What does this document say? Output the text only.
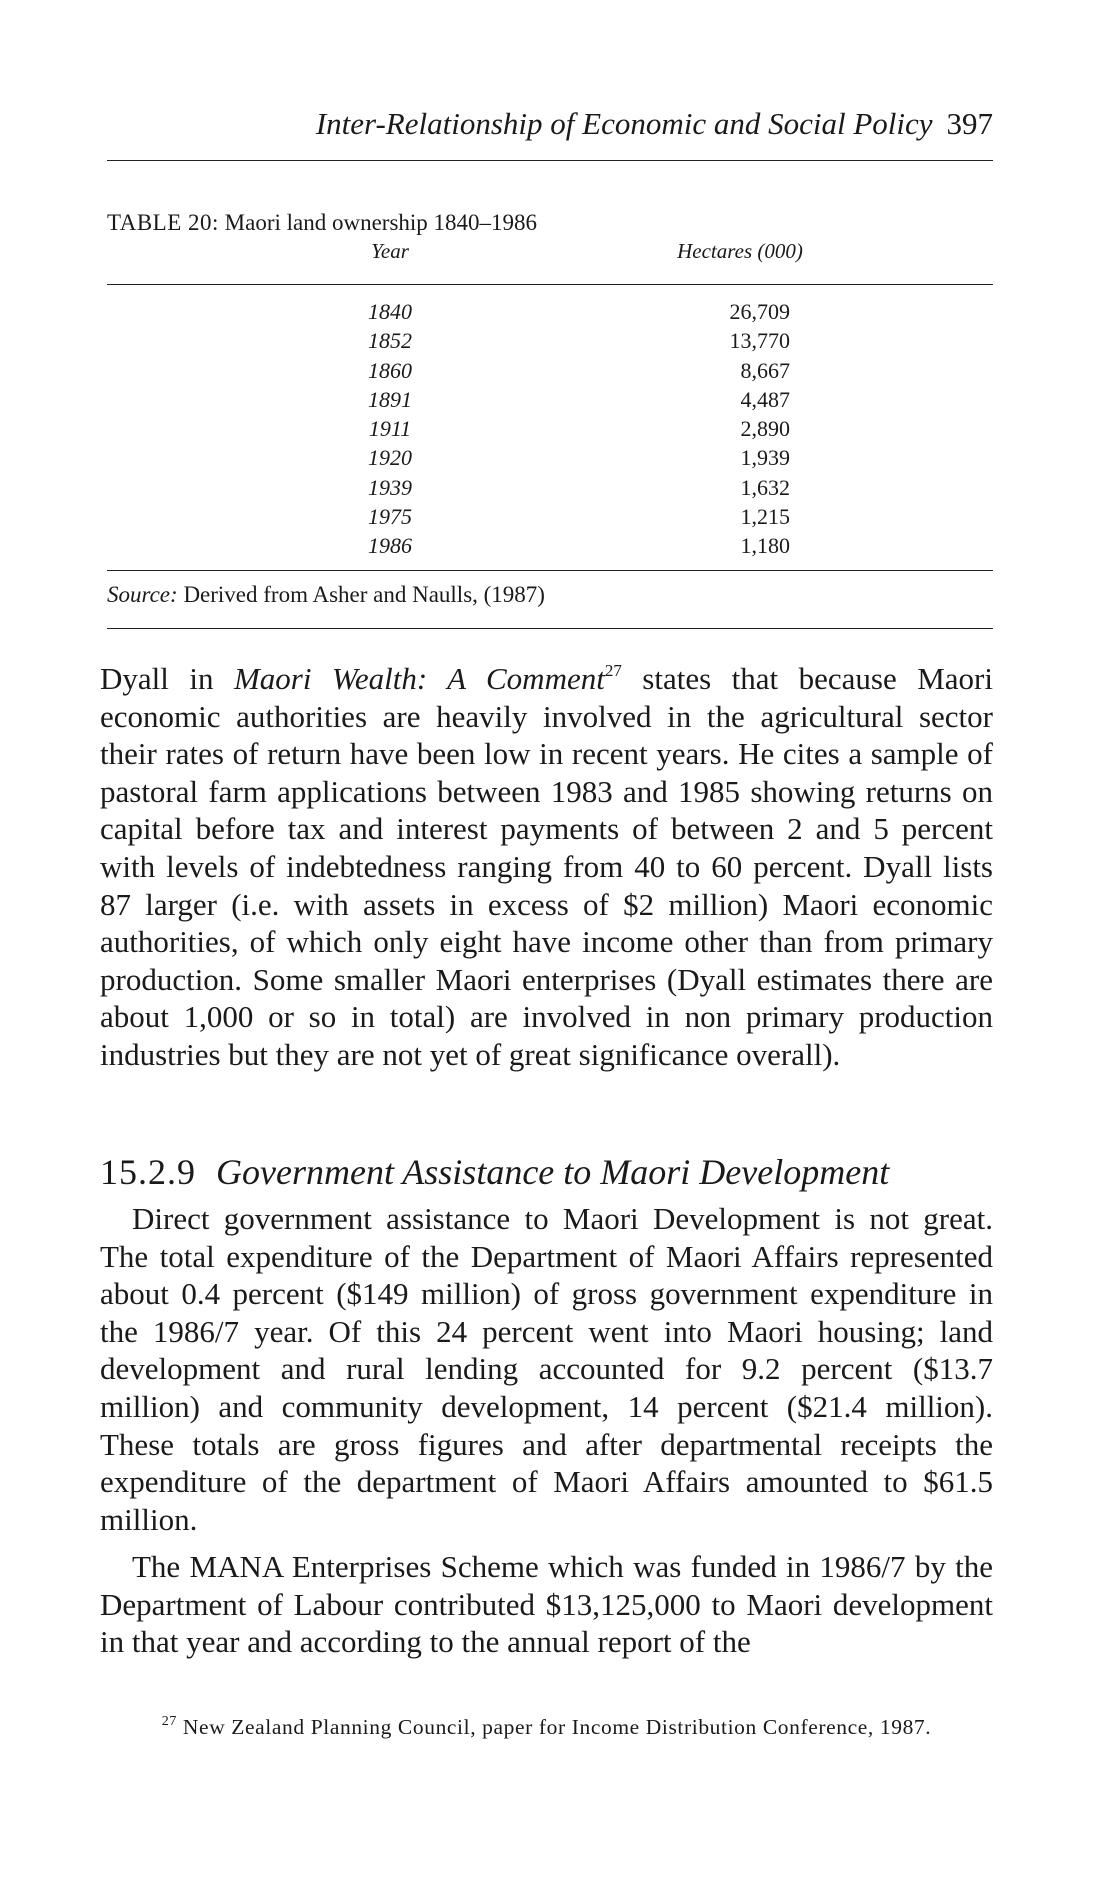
Inter-Relationship of Economic and Social Policy 397
TABLE 20: Maori land ownership 1840–1986
Year	Hectares (000)
1840	26,709
1852	13,770
1860	8,667
1891	4,487
1911	2,890
1920	1,939
1939	1,632
1975	1,215
1986	1,180
Source: Derived from Asher and Naulls, (1987)

Dyall in Maori Wealth: A Comment$^{27}$ states that because Maori economic authorities are heavily involved in the agricultural sector their rates of return have been low in recent years. He cites a sample of pastoral farm applications between 1983 and 1985 showing returns on capital before tax and interest payments of between 2 and 5 percent with levels of indebtedness ranging from 40 to 60 percent. Dyall lists 87 larger (i.e. with assets in excess of $2 million) Maori economic authorities, of which only eight have income other than from primary production. Some smaller Maori enterprises (Dyall estimates there are about 1,000 or so in total) are involved in non primary production industries but they are not yet of great significance overall).

15.2.9 Government Assistance to Maori Development

Direct government assistance to Maori Development is not great. The total expenditure of the Department of Maori Affairs represented about 0.4 percent ($149 million) of gross government expenditure in the 1986/7 year. Of this 24 percent went into Maori housing; land development and rural lending accounted for 9.2 percent ($13.7 million) and community development, 14 percent ($21.4 million). These totals are gross figures and after departmental receipts the expenditure of the department of Maori Affairs amounted to $61.5 million.

The MANA Enterprises Scheme which was funded in 1986/7 by the Department of Labour contributed $13,125,000 to Maori development in that year and according to the annual report of the

$^{27}$ New Zealand Planning Council, paper for Income Distribution Conference, 1987.
